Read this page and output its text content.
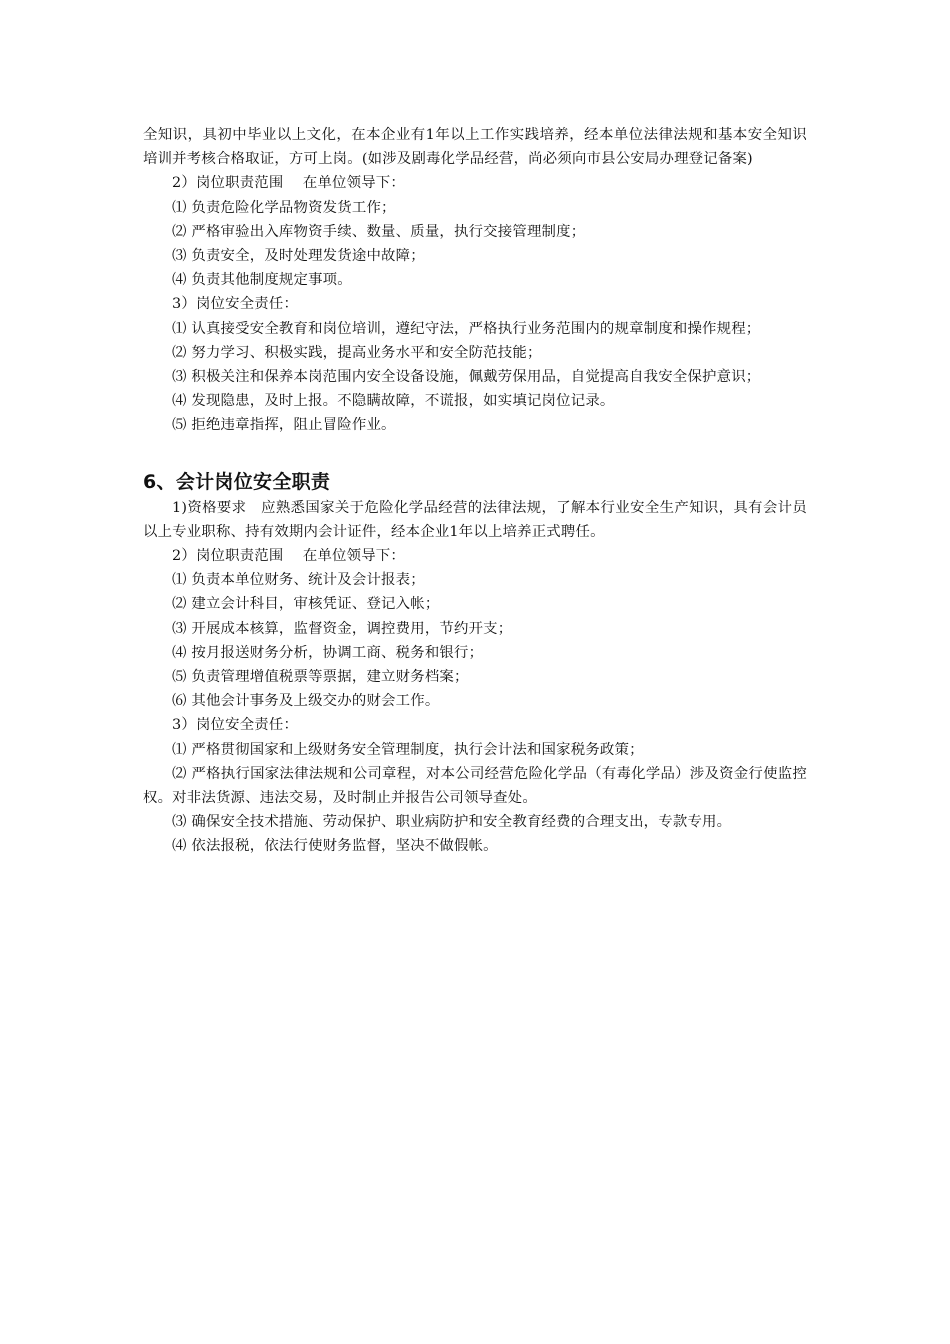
全知识，具初中毕业以上文化，在本企业有1年以上工作实践培养，经本单位法律法规和基本安全知识培训并考核合格取证，方可上岗。(如涉及剧毒化学品经营，尚必须向市县公安局办理登记备案)

2）岗位职责范围　 在单位领导下：

⑴ 负责危险化学品物资发货工作；

⑵ 严格审验出入库物资手续、数量、质量，执行交接管理制度；

⑶ 负责安全，及时处理发货途中故障；

⑷ 负责其他制度规定事项。

3）岗位安全责任：

⑴ 认真接受安全教育和岗位培训，遵纪守法，严格执行业务范围内的规章制度和操作规程；

⑵ 努力学习、积极实践，提高业务水平和安全防范技能；

⑶ 积极关注和保养本岗范围内安全设备设施，佩戴劳保用品，自觉提高自我安全保护意识；

⑷ 发现隐患，及时上报。不隐瞒故障，不谎报，如实填记岗位记录。

⑸ 拒绝违章指挥，阻止冒险作业。

6、会计岗位安全职责

1)资格要求　应熟悉国家关于危险化学品经营的法律法规，了解本行业安全生产知识，具有会计员以上专业职称、持有效期内会计证件，经本企业1年以上培养正式聘任。

2）岗位职责范围　 在单位领导下：

⑴ 负责本单位财务、统计及会计报表；

⑵ 建立会计科目，审核凭证、登记入帐；

⑶ 开展成本核算，监督资金，调控费用，节约开支；

⑷ 按月报送财务分析，协调工商、税务和银行；

⑸ 负责管理增值税票等票据，建立财务档案；

⑹ 其他会计事务及上级交办的财会工作。

3）岗位安全责任：

⑴ 严格贯彻国家和上级财务安全管理制度，执行会计法和国家税务政策；

⑵ 严格执行国家法律法规和公司章程，对本公司经营危险化学品（有毒化学品）涉及资金行使监控权。对非法货源、违法交易，及时制止并报告公司领导查处。

⑶ 确保安全技术措施、劳动保护、职业病防护和安全教育经费的合理支出，专款专用。

⑷ 依法报税，依法行使财务监督，坚决不做假帐。
